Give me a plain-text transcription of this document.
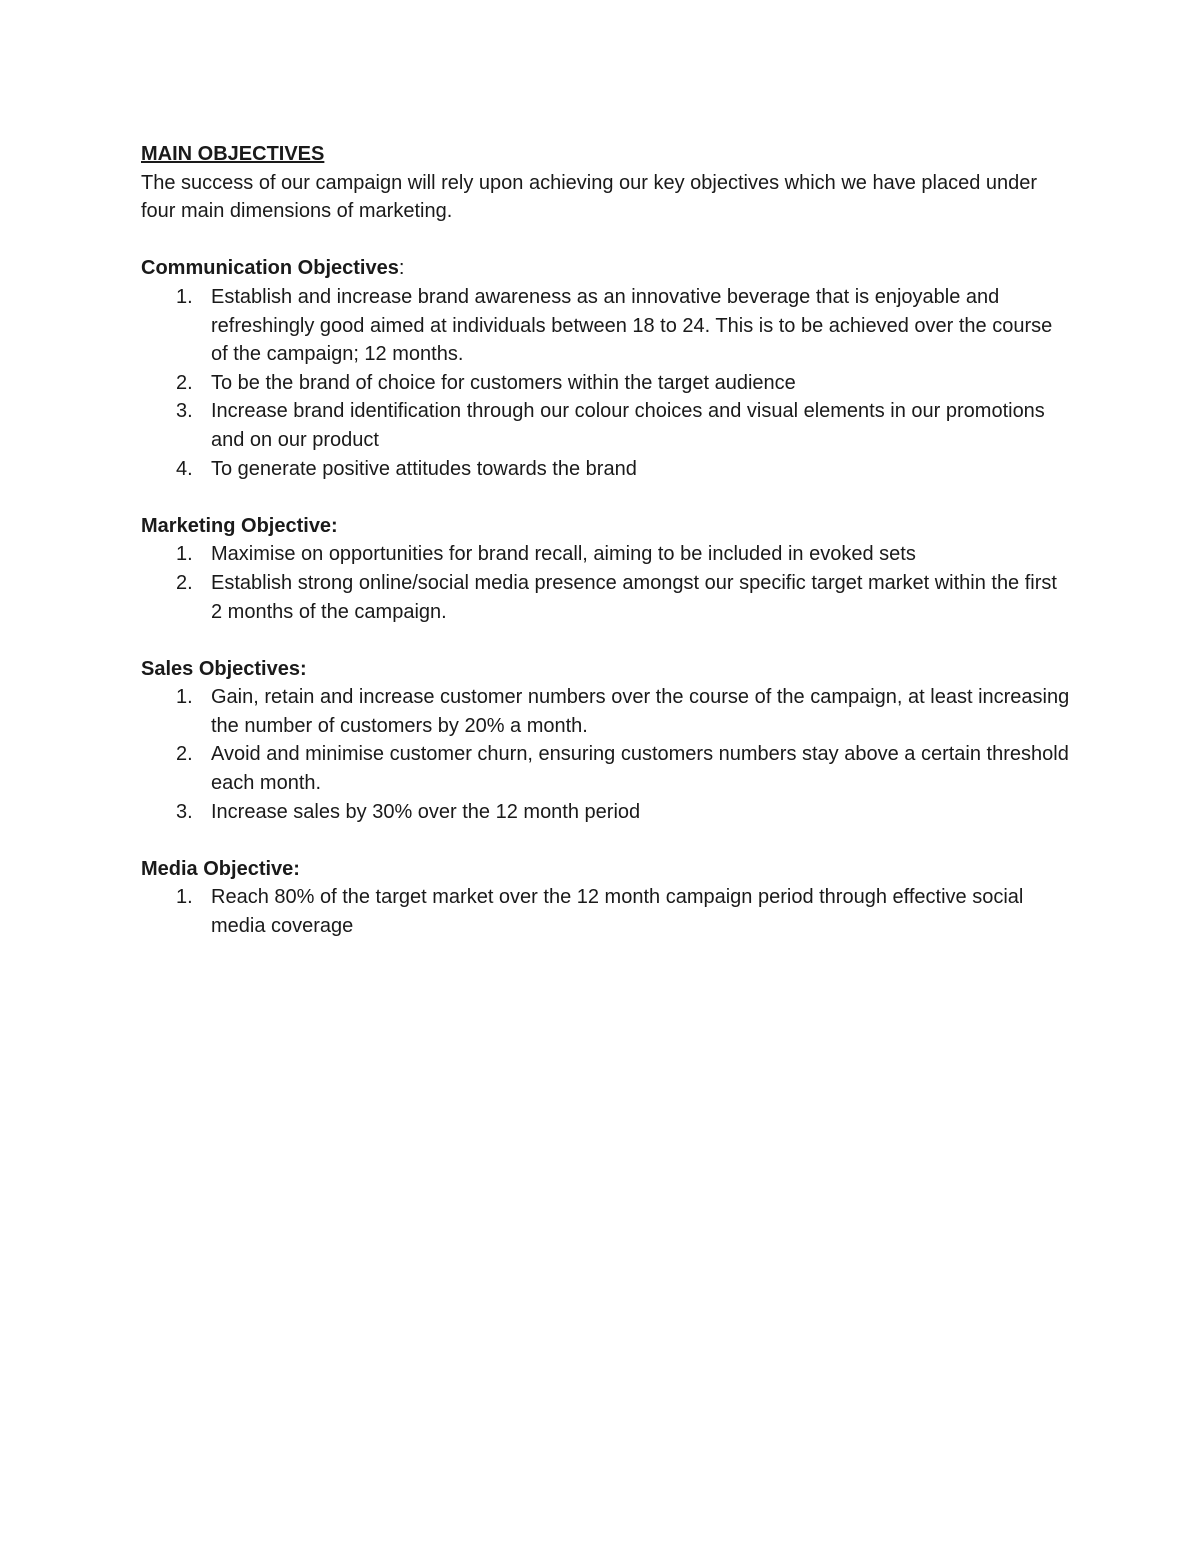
MAIN OBJECTIVES

The success of our campaign will rely upon achieving our key objectives which we have placed under four main dimensions of marketing.

Communication Objectives:

1. Establish and increase brand awareness as an innovative beverage that is enjoyable and refreshingly good aimed at individuals between 18 to 24. This is to be achieved over the course of the campaign; 12 months.
2. To be the brand of choice for customers within the target audience
3. Increase brand identification through our colour choices and visual elements in our promotions and on our product
4. To generate positive attitudes towards the brand

Marketing Objective:

1. Maximise on opportunities for brand recall, aiming to be included in evoked sets
2. Establish strong online/social media presence amongst our specific target market within the first 2 months of the campaign.

Sales Objectives:

1. Gain, retain and increase customer numbers over the course of the campaign, at least increasing the number of customers by 20% a month.
2. Avoid and minimise customer churn, ensuring customers numbers stay above a certain threshold each month.
3. Increase sales by 30% over the 12 month period

Media Objective:

1. Reach 80% of the target market over the 12 month campaign period through effective social media coverage
